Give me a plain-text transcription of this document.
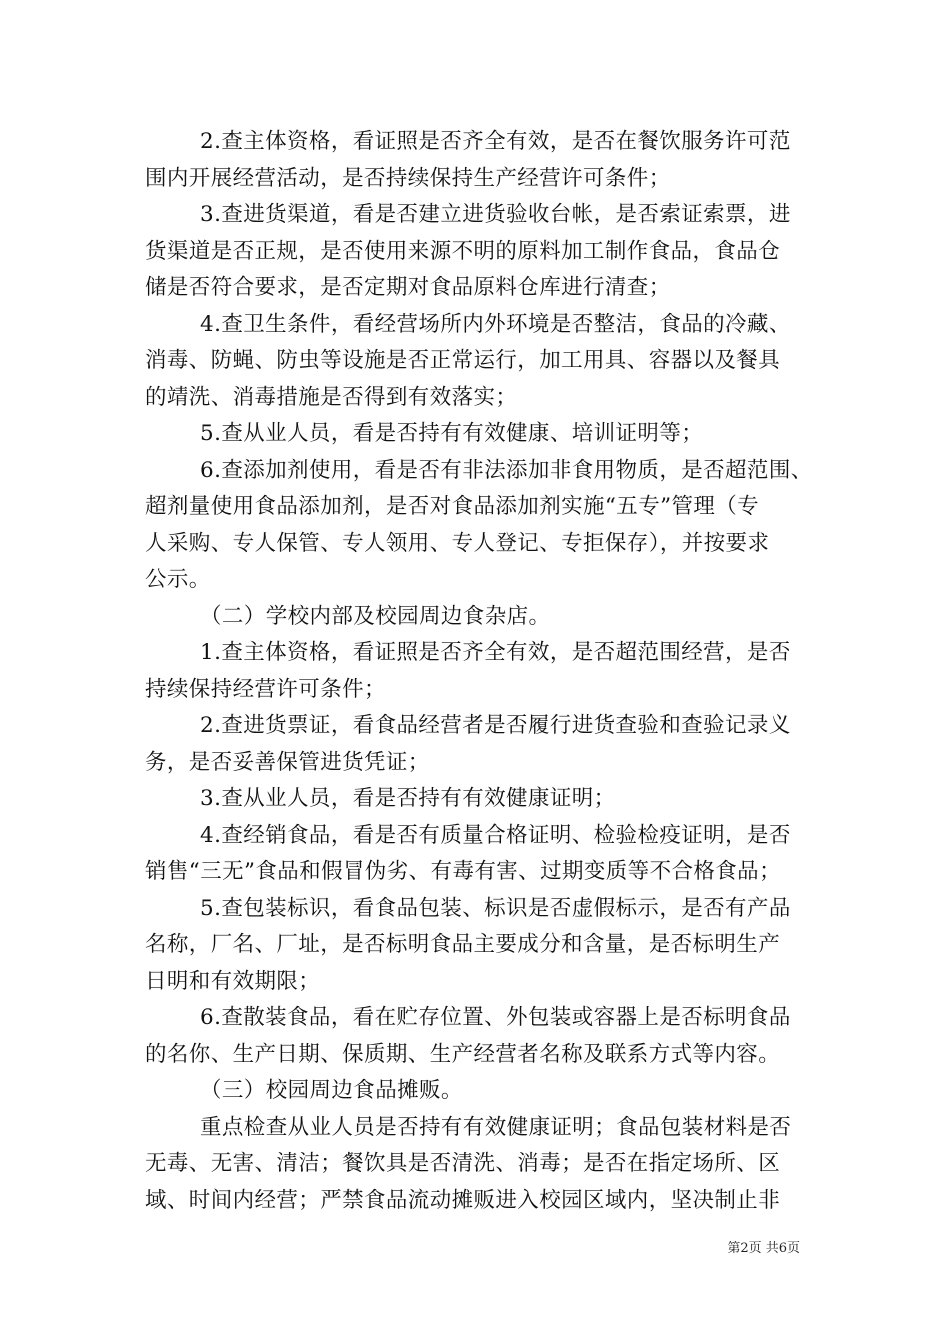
2.查主体资格，看证照是否齐全有效，是否在餐饮服务许可范
围内开展经营活动，是否持续保持生产经营许可条件；
3.查进货渠道，看是否建立进货验收台帐，是否索证索票，进
货渠道是否正规，是否使用来源不明的原料加工制作食品，食品仓
储是否符合要求，是否定期对食品原料仓库进行清查；
4.查卫生条件，看经营场所内外环境是否整洁，食品的冷藏、
消毒、防蝇、防虫等设施是否正常运行，加工用具、容器以及餐具
的靖洗、消毒措施是否得到有效落实；
5.查从业人员，看是否持有有效健康、培训证明等；
6.查添加剂使用，看是否有非法添加非食用物质，是否超范围、
超剂量使用食品添加剂，是否对食品添加剂实施“五专”管理（专
人采购、专人保管、专人领用、专人登记、专拒保存），并按要求
公示。
（二）学校内部及校园周边食杂店。
1.查主体资格，看证照是否齐全有效，是否超范围经营，是否
持续保持经营许可条件；
2.查进货票证，看食品经营者是否履行进货查验和查验记录义
务，是否妥善保管进货凭证；
3.查从业人员，看是否持有有效健康证明；
4.查经销食品，看是否有质量合格证明、检验检疫证明，是否
销售“三无”食品和假冒伪劣、有毒有害、过期变质等不合格食品；
5.查包装标识，看食品包装、标识是否虚假标示，是否有产品
名称，厂名、厂址，是否标明食品主要成分和含量，是否标明生产
日明和有效期限；
6.查散装食品，看在贮存位置、外包装或容器上是否标明食品
的名你、生产日期、保质期、生产经营者名称及联系方式等内容。
（三）校园周边食品摊贩。
重点检查从业人员是否持有有效健康证明；食品包装材料是否
无毒、无害、清洁；餐饮具是否清洗、消毒；是否在指定场所、区
域、时间内经营；严禁食品流动摊贩进入校园区域内，坚决制止非
第2页 共6页
